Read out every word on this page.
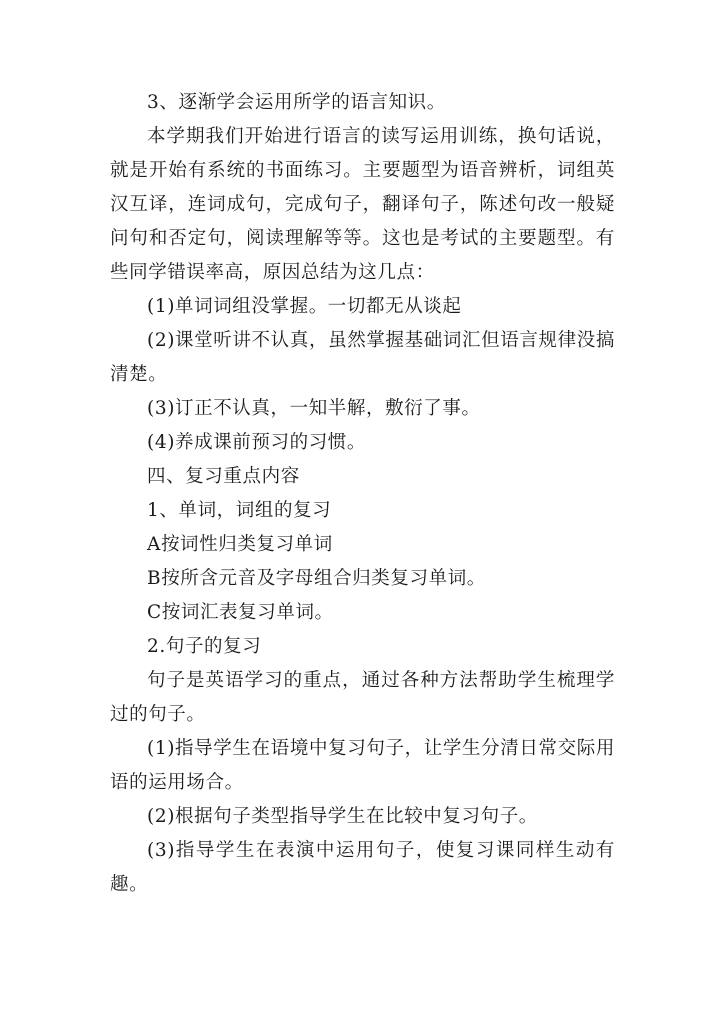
3、逐渐学会运用所学的语言知识。

本学期我们开始进行语言的读写运用训练，换句话说，就是开始有系统的书面练习。主要题型为语音辨析，词组英汉互译，连词成句，完成句子，翻译句子，陈述句改一般疑问句和否定句，阅读理解等等。这也是考试的主要题型。有些同学错误率高，原因总结为这几点：

(1)单词词组没掌握。一切都无从谈起

(2)课堂听讲不认真，虽然掌握基础词汇但语言规律没搞清楚。

(3)订正不认真，一知半解，敷衍了事。

(4)养成课前预习的习惯。

四、复习重点内容

1、单词，词组的复习

A按词性归类复习单词

B按所含元音及字母组合归类复习单词。

C按词汇表复习单词。

2.句子的复习

句子是英语学习的重点，通过各种方法帮助学生梳理学过的句子。

(1)指导学生在语境中复习句子，让学生分清日常交际用语的运用场合。

(2)根据句子类型指导学生在比较中复习句子。

(3)指导学生在表演中运用句子，使复习课同样生动有趣。
